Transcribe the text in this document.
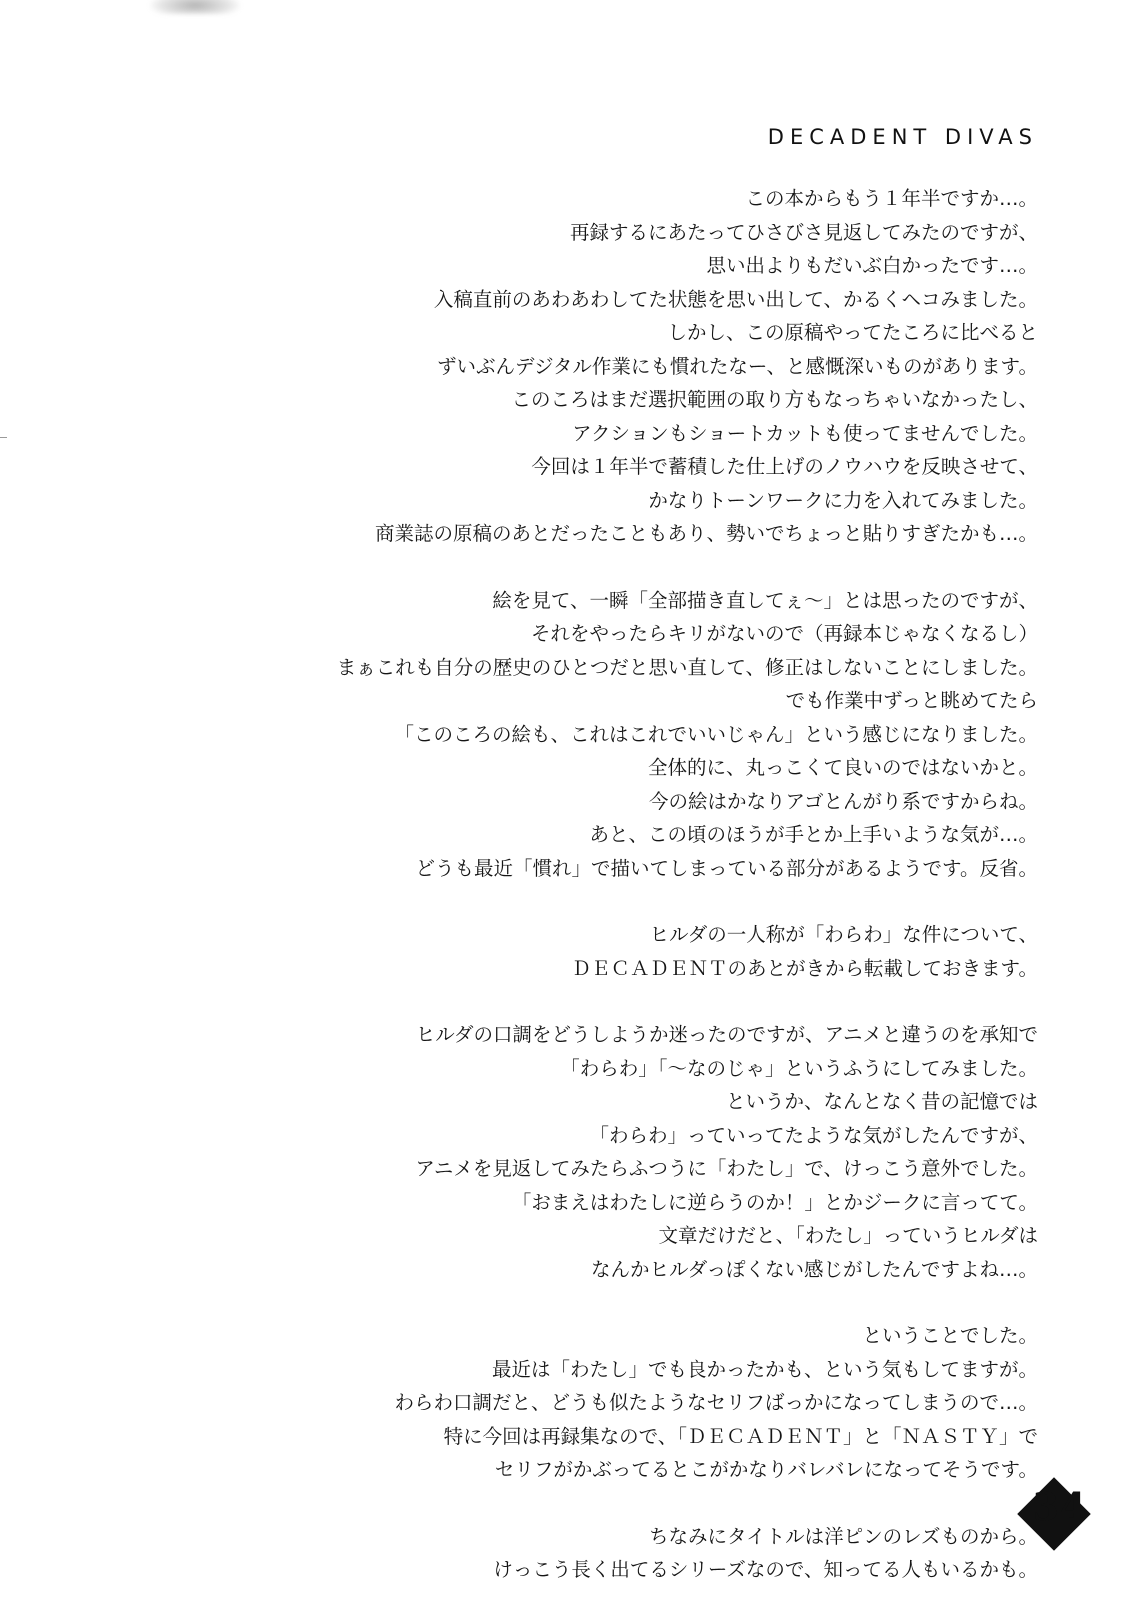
DECADENT DIVAS

この本からもう１年半ですか…。
再録するにあたってひさびさ見返してみたのですが、
思い出よりもだいぶ白かったです…。
入稿直前のあわあわしてた状態を思い出して、かるくヘコみました。
しかし、この原稿やってたころに比べると
ずいぶんデジタル作業にも慣れたなー、と感慨深いものがあります。
このころはまだ選択範囲の取り方もなっちゃいなかったし、
アクションもショートカットも使ってませんでした。
今回は１年半で蓄積した仕上げのノウハウを反映させて、
かなりトーンワークに力を入れてみました。
商業誌の原稿のあとだったこともあり、勢いでちょっと貼りすぎたかも…。

絵を見て、一瞬「全部描き直してぇ〜」とは思ったのですが、
それをやったらキリがないので（再録本じゃなくなるし）
まぁこれも自分の歴史のひとつだと思い直して、修正はしないことにしました。
でも作業中ずっと眺めてたら
「このころの絵も、これはこれでいいじゃん」という感じになりました。
全体的に、丸っこくて良いのではないかと。
今の絵はかなりアゴとんがり系ですからね。
あと、この頃のほうが手とか上手いような気が…。
どうも最近「慣れ」で描いてしまっている部分があるようです。反省。

ヒルダの一人称が「わらわ」な件について、
ＤＥＣＡＤＥＮＴのあとがきから転載しておきます。

ヒルダの口調をどうしようか迷ったのですが、アニメと違うのを承知で
「わらわ」「〜なのじゃ」というふうにしてみました。
というか、なんとなく昔の記憶では
「わらわ」っていってたような気がしたんですが、
アニメを見返してみたらふつうに「わたし」で、けっこう意外でした。
「おまえはわたしに逆らうのか！」とかジークに言ってて。
文章だけだと、「わたし」っていうヒルダは
なんかヒルダっぽくない感じがしたんですよね…。

ということでした。
最近は「わたし」でも良かったかも、という気もしてますが。
わらわ口調だと、どうも似たようなセリフばっかになってしまうので…。
特に今回は再録集なので、「ＤＥＣＡＤＥＮＴ」と「ＮＡＳＴＹ」で
セリフがかぶってるとこがかなりバレバレになってそうです。

ちなみにタイトルは洋ピンのレズものから。
けっこう長く出てるシリーズなので、知ってる人もいるかも。

34
